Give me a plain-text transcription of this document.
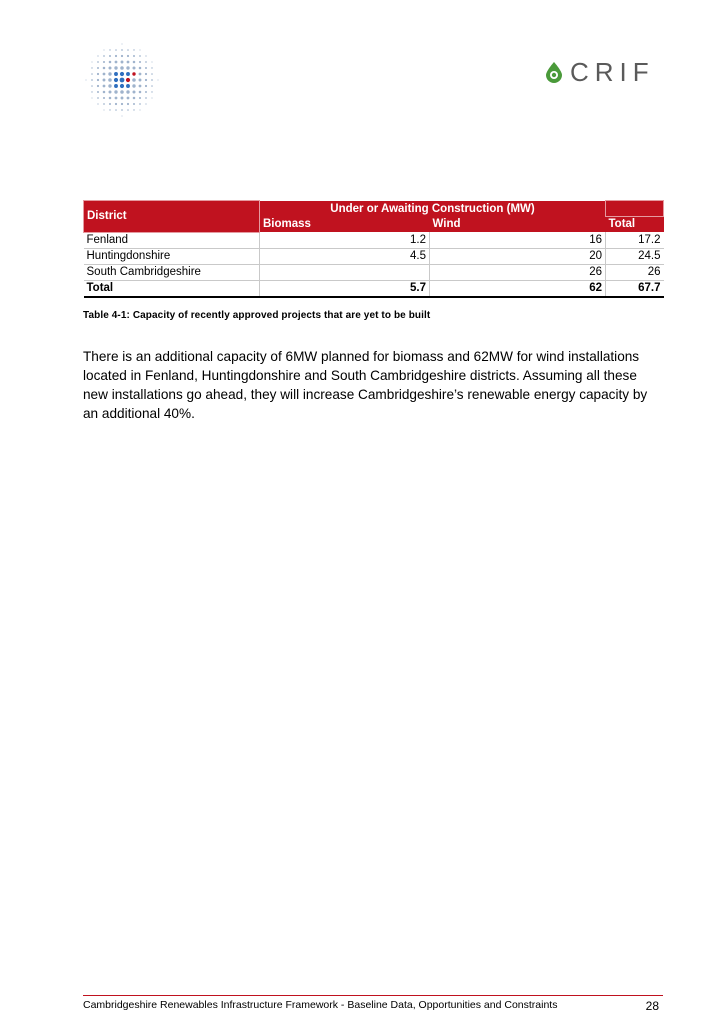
CRIF
District	Under or Awaiting Construction (MW)		
	Biomass	Wind	Total
Fenland	1.2	16	17.2
Huntingdonshire	4.5	20	24.5
South Cambridgeshire		26	26
Total	5.7	62	67.7
Table 4-1: Capacity of recently approved projects that are yet to be built
There is an additional capacity of 6MW planned for biomass and 62MW for wind installations located in Fenland, Huntingdonshire and South Cambridgeshire districts. Assuming all these new installations go ahead, they will increase Cambridgeshire’s renewable energy capacity by an additional 40%.
Cambridgeshire Renewables Infrastructure Framework - Baseline Data, Opportunities and Constraints	28
